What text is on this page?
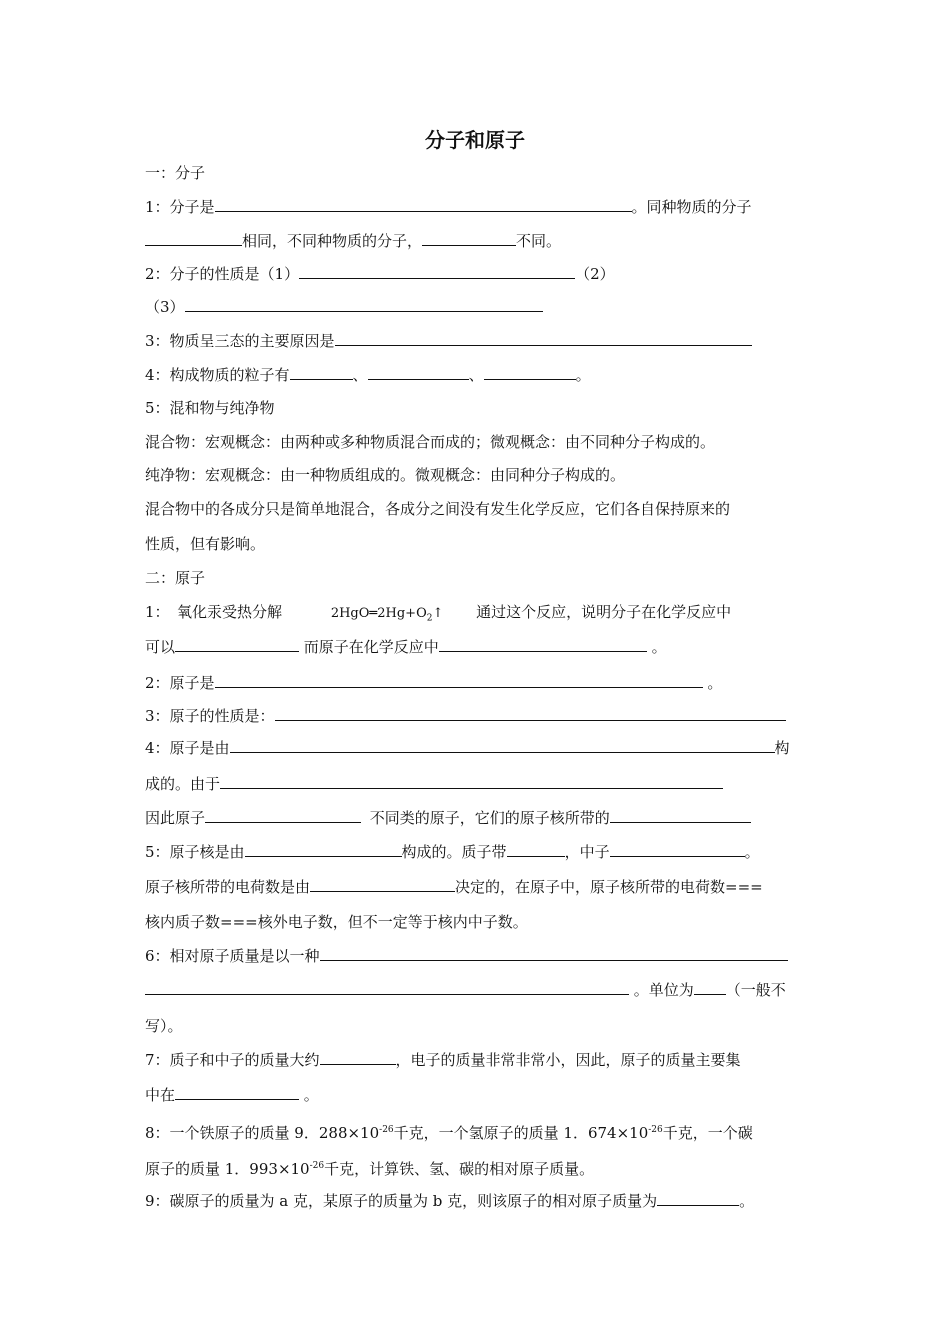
分子和原子
一：分子
1：分子是	。同种物质的分子
相同，不同种物质的分子，	不同。
2：分子的性质是（1）	（2）
（3）
3：物质呈三态的主要原因是
4：构成物质的粒子有	、	、	。
5：混和物与纯净物
混合物：宏观概念：由两种或多种物质混合而成的；微观概念：由不同种分子构成的。
纯净物：宏观概念：由一种物质组成的。微观概念：由同种分子构成的。
混合物中的各成分只是简单地混合，各成分之间没有发生化学反应，它们各自保持原来的
性质，但有影响。
二：原子
1：　氧化汞受热分解	$2HgO═2Hg+O_2↑$ 通过这个反应，说明分子在化学反应中
可以	而原子在化学反应中	。
2：原子是	。
3：原子的性质是：
4：原子是由	构
成的。由于
因此原子	不同类的原子，它们的原子核所带的
5：原子核是由	构成的。质子带	，中子	。
原子核所带的电荷数是由	决定的，在原子中，原子核所带的电荷数===
核内质子数===核外电子数，但不一定等于核内中子数。
6：相对原子质量是以一种
。单位为 （一般不
写）。
7：质子和中子的质量大约	，电子的质量非常非常小，因此，原子的质量主要集
中在	。
8：一个铁原子的质量 9．$288\times 10^{-26}$千克，一个氢原子的质量 1．$674\times 10^{-26}$千克，一个碳
原子的质量 1．$993\times 10^{-26}$千克，计算铁、氢、碳的相对原子质量。
9：碳原子的质量为 a 克，某原子的质量为 b 克，则该原子的相对原子质量为	。
